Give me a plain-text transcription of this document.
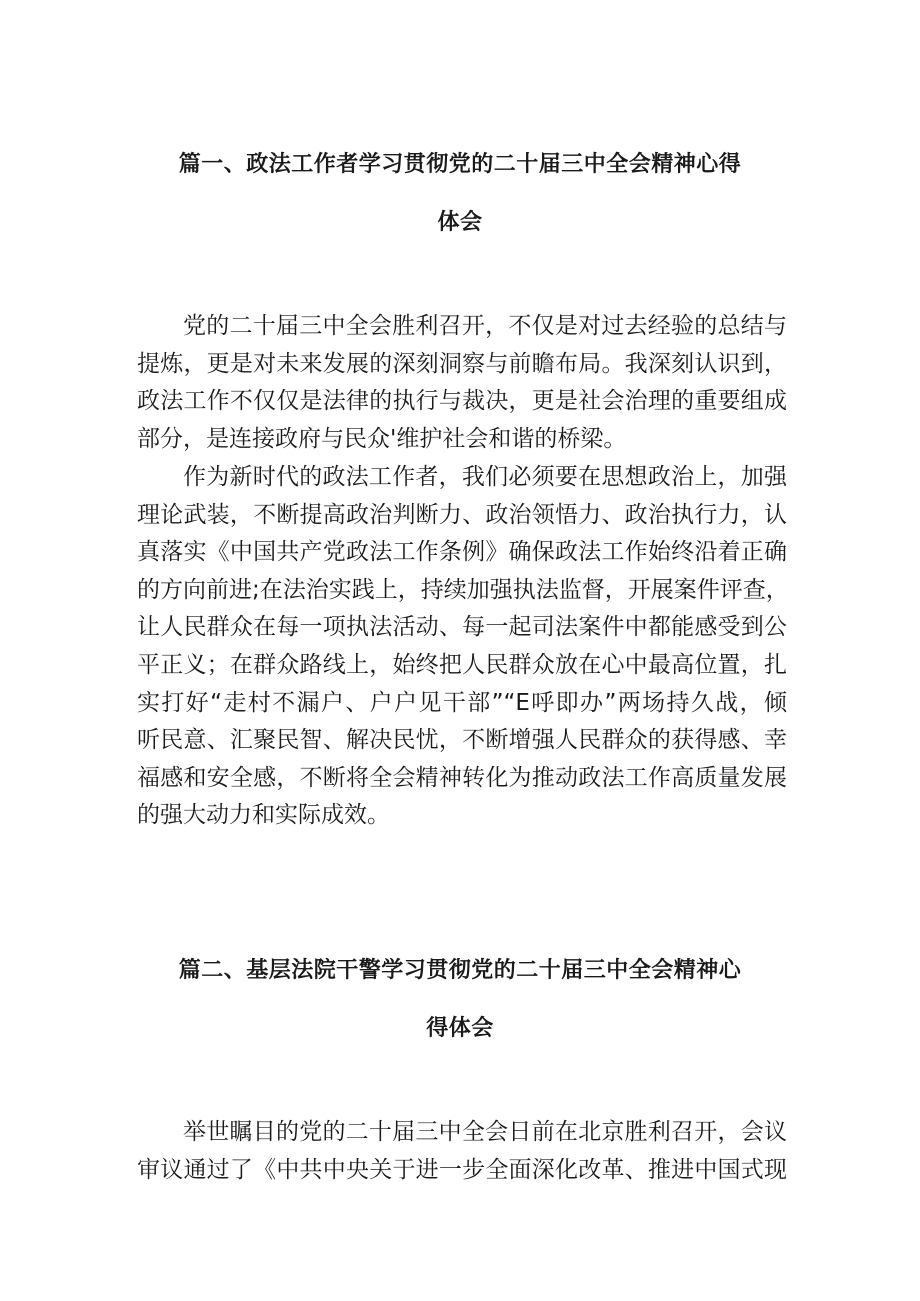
篇一、政法工作者学习贯彻党的二十届三中全会精神心得
体会
党的二十届三中全会胜利召开，不仅是对过去经验的总结与
提炼，更是对未来发展的深刻洞察与前瞻布局。我深刻认识到，
政法工作不仅仅是法律的执行与裁决，更是社会治理的重要组成
部分，是连接政府与民众'维护社会和谐的桥梁。
作为新时代的政法工作者，我们必须要在思想政治上，加强
理论武装，不断提高政治判断力、政治领悟力、政治执行力，认
真落实《中国共产党政法工作条例》确保政法工作始终沿着正确
的方向前进;在法治实践上，持续加强执法监督，开展案件评查，
让人民群众在每一项执法活动、每一起司法案件中都能感受到公
平正义；在群众路线上，始终把人民群众放在心中最高位置，扎
实打好“走村不漏户、户户见干部”“E呼即办”两场持久战，倾
听民意、汇聚民智、解决民忧，不断增强人民群众的获得感、幸
福感和安全感，不断将全会精神转化为推动政法工作高质量发展
的强大动力和实际成效。
篇二、基层法院干警学习贯彻党的二十届三中全会精神心
得体会
举世瞩目的党的二十届三中全会日前在北京胜利召开，会议
审议通过了《中共中央关于进一步全面深化改革、推进中国式现
